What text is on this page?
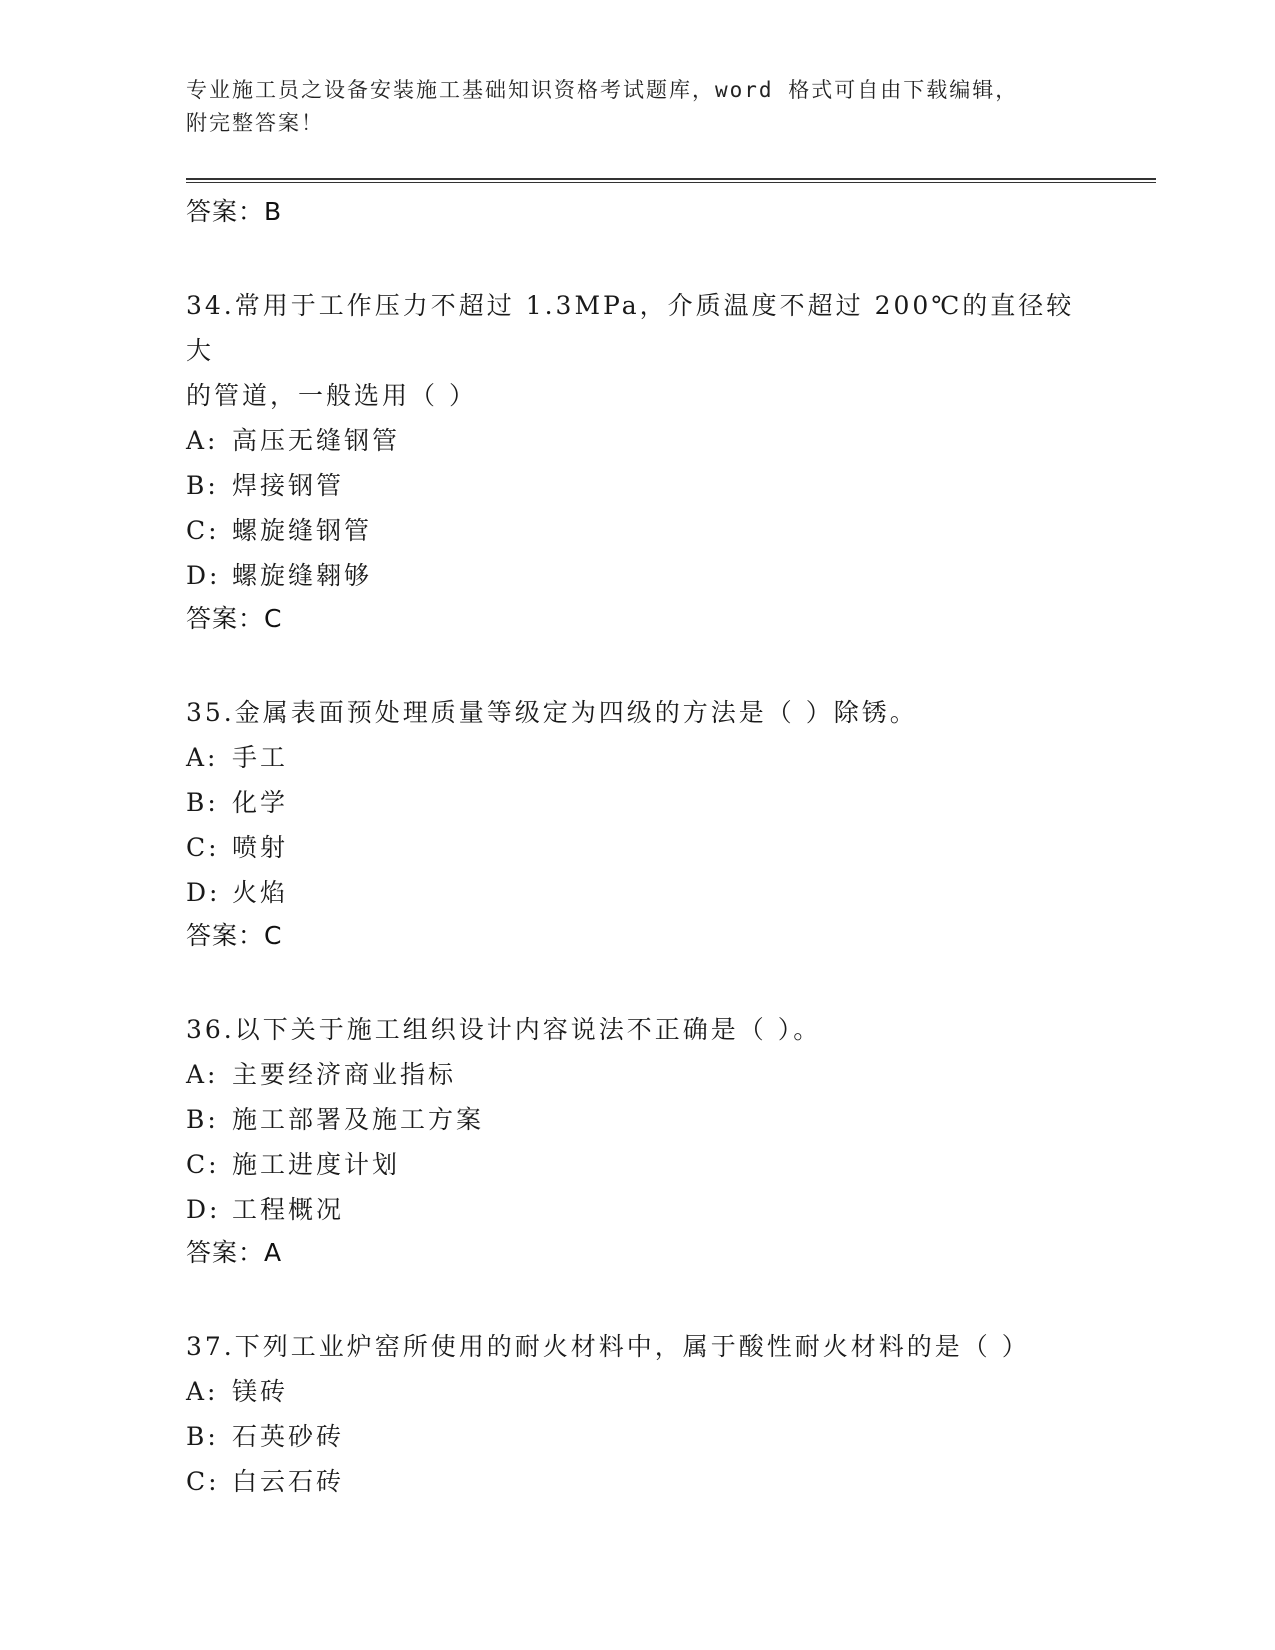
专业施工员之设备安装施工基础知识资格考试题库，word 格式可自由下载编辑，
附完整答案！
答案：B
34.常用于工作压力不超过 1.3MPa，介质温度不超过 200℃的直径较大
的管道，一般选用（ ）
A: 高压无缝钢管
B: 焊接钢管
C: 螺旋缝钢管
D: 螺旋缝翱够
答案：C
35.金属表面预处理质量等级定为四级的方法是（ ）除锈。
A: 手工
B: 化学
C: 喷射
D: 火焰
答案：C
36.以下关于施工组织设计内容说法不正确是（ ）。
A: 主要经济商业指标
B: 施工部署及施工方案
C: 施工进度计划
D: 工程概况
答案：A
37.下列工业炉窑所使用的耐火材料中，属于酸性耐火材料的是（ ）
A: 镁砖
B: 石英砂砖
C: 白云石砖
